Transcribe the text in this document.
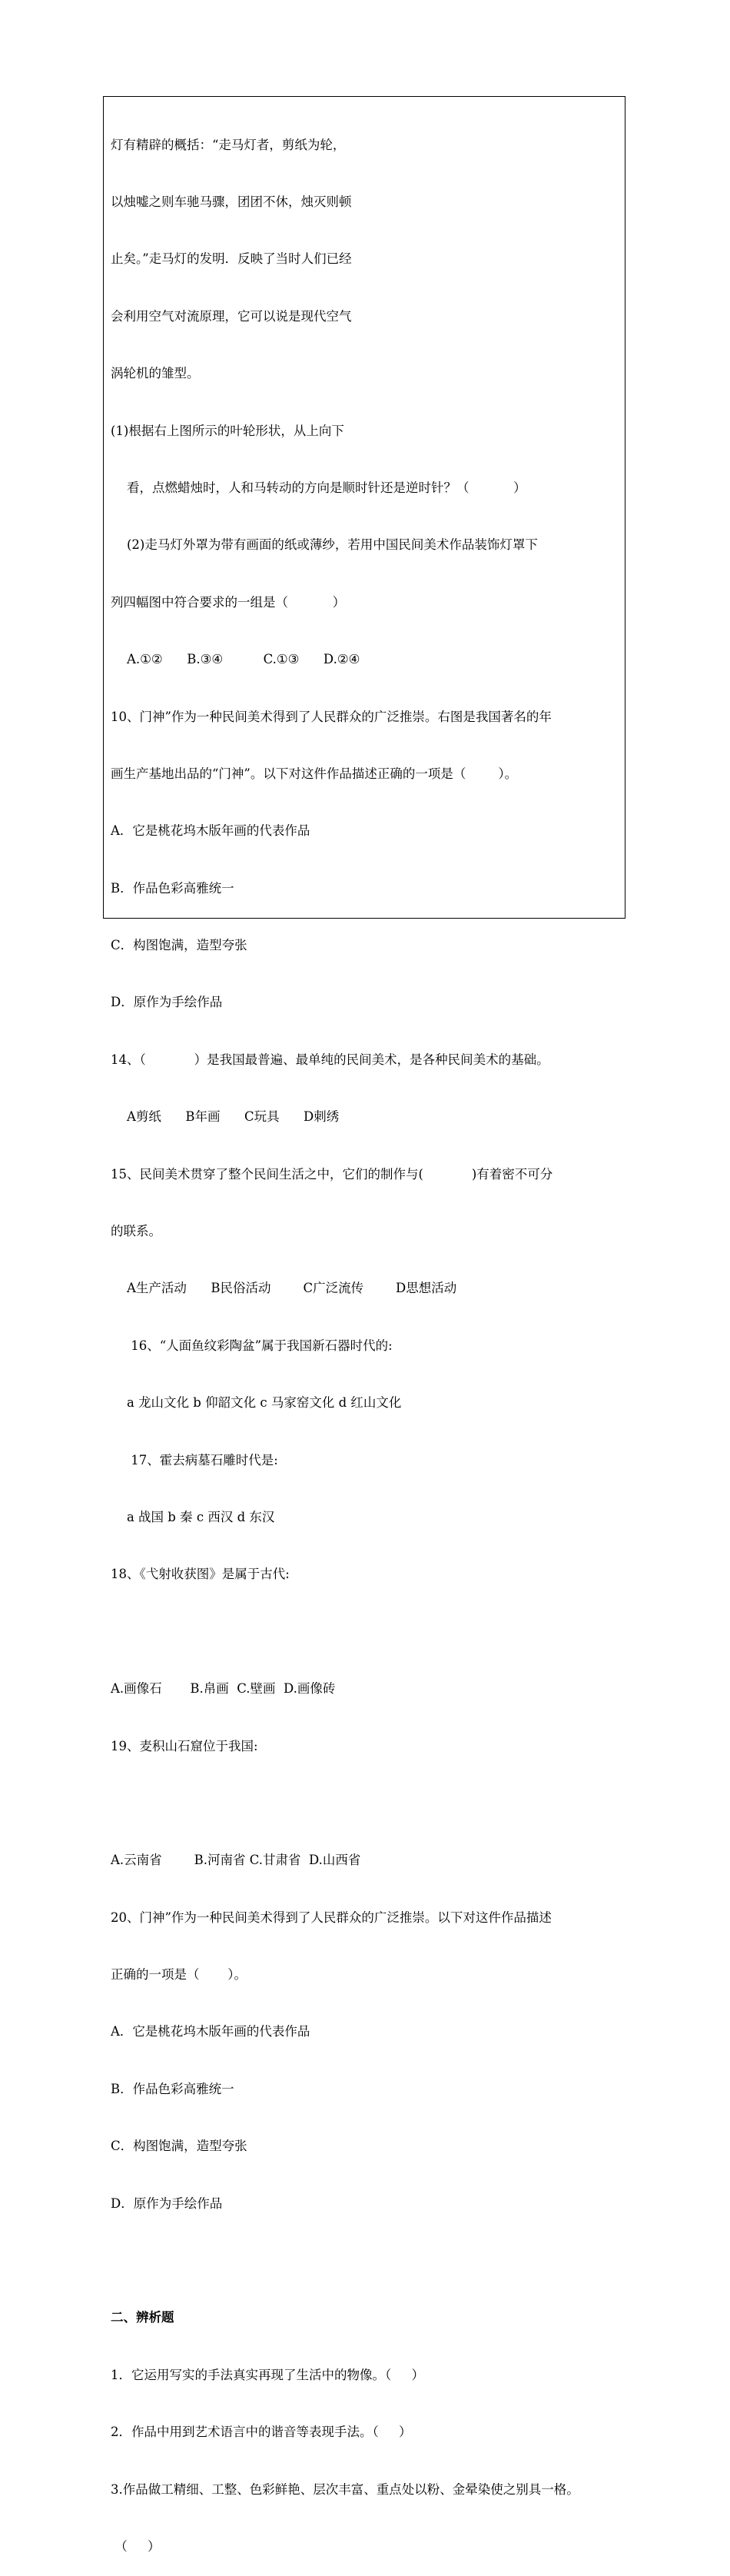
灯有精辟的概括：“走马灯者，剪纸为轮，

以烛嘘之则车驰马骤，团团不休，烛灭则顿

止矣。”走马灯的发明．反映了当时人们已经

会利用空气对流原理，它可以说是现代空气

涡轮机的雏型。

(1)根据右上图所示的叶轮形状，从上向下

看，点燃蜡烛时，人和马转动的方向是顺时针还是逆时针？（           ）

(2)走马灯外罩为带有画面的纸或薄纱，若用中国民间美术作品装饰灯罩下

列四幅图中符合要求的一组是（           ）

A.①②      B.③④          C.①③      D.②④

10、门神”作为一种民间美术得到了人民群众的广泛推崇。右图是我国著名的年

画生产基地出品的“门神”。以下对这件作品描述正确的一项是（        ）。

A．它是桃花坞木版年画的代表作品

B．作品色彩高雅统一

C．构图饱满，造型夸张

D．原作为手绘作品

14、（            ）是我国最普遍、最单纯的民间美术，是各种民间美术的基础。

A剪纸      B年画      C玩具      D刺绣

15、民间美术贯穿了整个民间生活之中，它们的制作与(            )有着密不可分

的联系。

A生产活动      B民俗活动        C广泛流传        D思想活动

16、“人面鱼纹彩陶盆”属于我国新石器时代的:

a 龙山文化 b 仰韶文化 c 马家窑文化 d 红山文化

17、霍去病墓石雕时代是:

a 战国 b 秦 c 西汉 d 东汉

18、《弋射收获图》是属于古代:

A.画像石       B.帛画  C.壁画  D.画像砖

19、麦积山石窟位于我国:

A.云南省        B.河南省 C.甘肃省  D.山西省

20、门神”作为一种民间美术得到了人民群众的广泛推崇。以下对这件作品描述

正确的一项是（       ）。

A．它是桃花坞木版年画的代表作品

B．作品色彩高雅统一

C．构图饱满，造型夸张

D．原作为手绘作品

二、辨析题

1．它运用写实的手法真实再现了生活中的物像。（     ）

2．作品中用到艺术语言中的谐音等表现手法。（     ）

3.作品做工精细、工整、色彩鲜艳、层次丰富、重点处以粉、金晕染使之别具一格。

（     ）
